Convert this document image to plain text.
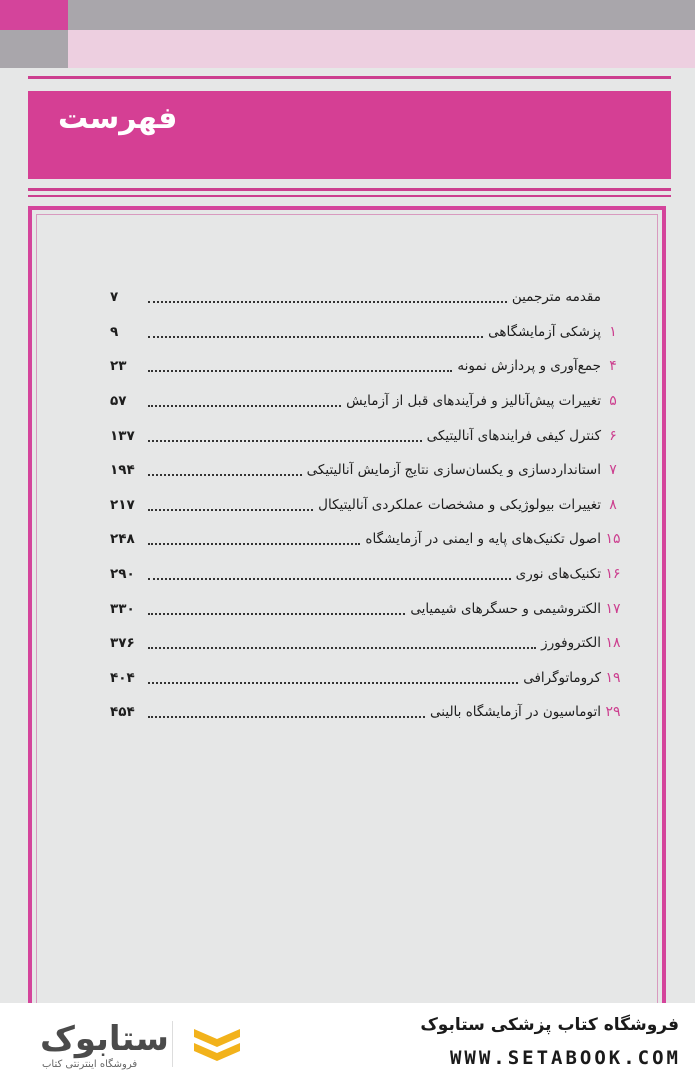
فهرست
مقدمه مترجمین
۷
۱
پزشکی آزمایشگاهی
۹
۴
جمع‌آوری و پردازش نمونه
۲۳
۵
تغییرات پیش‌آنالیز و فرآیندهای قبل از آزمایش
۵۷
۶
کنترل کیفی فرایندهای آنالیتیکی
۱۳۷
۷
استانداردسازی و یکسان‌سازی نتایج آزمایش آنالیتیکی
۱۹۴
۸
تغییرات بیولوژیکی و مشخصات عملکردی آنالیتیکال
۲۱۷
۱۵
اصول تکنیک‌های پایه و ایمنی در آزمایشگاه
۲۴۸
۱۶
تکنیک‌های نوری
۲۹۰
۱۷
الکتروشیمی و حسگرهای شیمیایی
۳۳۰
۱۸
الکتروفورز
۳۷۶
۱۹
کروماتوگرافی
۴۰۴
۲۹
اتوماسیون در آزمایشگاه بالینی
۴۵۴
فروشگاه کتاب پزشکی ستابوک
WWW.SETABOOK.COM
ستابوک
فروشگاه اینترنتی کتاب
